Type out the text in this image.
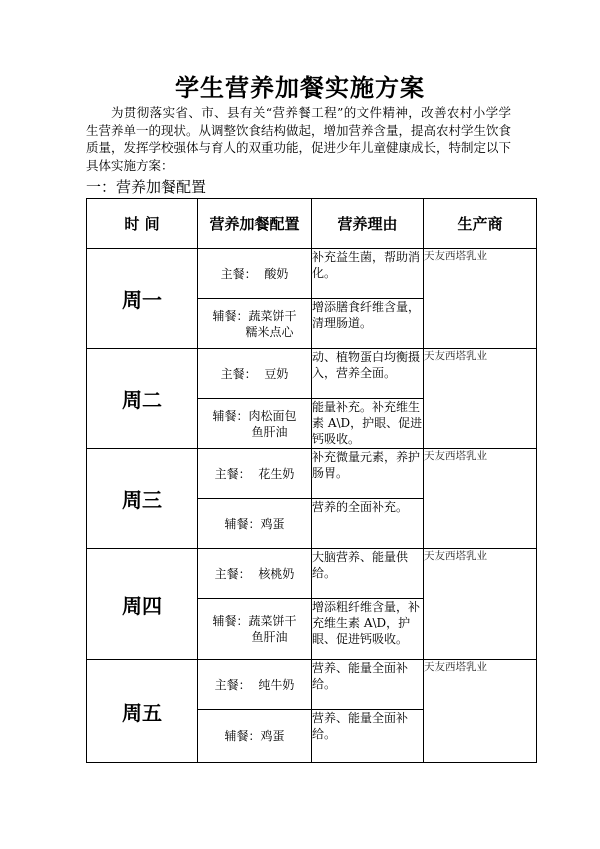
学生营养加餐实施方案
为贯彻落实省、市、县有关“营养餐工程”的文件精神，改善农村小学学生营养单一的现状。从调整饮食结构做起，增加营养含量，提高农村学生饮食质量，发挥学校强体与育人的双重功能，促进少年儿童健康成长，特制定以下具体实施方案：
一：营养加餐配置
时 间	营养加餐配置	营养理由	生产商
周一	主餐： 酸奶	补充益生菌，帮助消化。	天友西塔乳业

	辅餐：蔬菜饼干
糯米点心	增添膳食纤维含量，清理肠道。	
周二	主餐： 豆奶	动、植物蛋白均衡摄入，营养全面。	天友西塔乳业

	辅餐：肉松面包
鱼肝油	能量补充。补充维生素 A\D，护眼、促进钙吸收。	
周三	主餐： 花生奶	补充微量元素，养护肠胃。	天友西塔乳业

	辅餐：鸡蛋	营养的全面补充。	
周四	主餐： 核桃奶	大脑营养、能量供给。	天友西塔乳业

	辅餐：蔬菜饼干
鱼肝油	增添粗纤维含量，补充维生素 A\D，护眼、促进钙吸收。	
周五	主餐： 纯牛奶	营养、能量全面补给。	天友西塔乳业

	辅餐：鸡蛋	营养、能量全面补给。	
